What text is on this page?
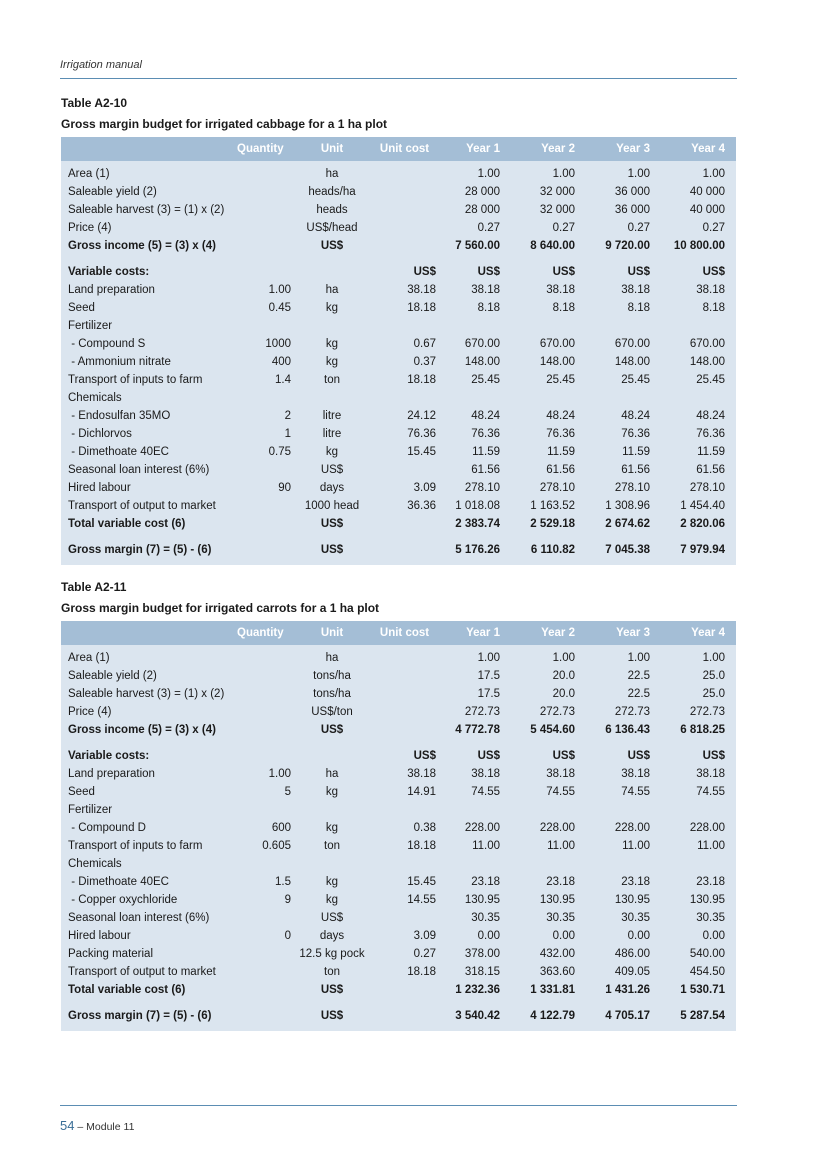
Irrigation manual
Table A2-10
Gross margin budget for irrigated cabbage for a 1 ha plot
	Quantity	Unit	Unit cost	Year 1	Year 2	Year 3	Year 4
Area (1)		ha		1.00	1.00	1.00	1.00
Saleable yield (2)		heads/ha		28 000	32 000	36 000	40 000
Saleable harvest (3) = (1) x (2)		heads		28 000	32 000	36 000	40 000
Price (4)		US$/head		0.27	0.27	0.27	0.27
Gross income (5) = (3) x (4)		US$		7 560.00	8 640.00	9 720.00	10 800.00

Variable costs:			US$	US$	US$	US$	US$
Land preparation	1.00	ha	38.18	38.18	38.18	38.18	38.18
Seed	0.45	kg	18.18	8.18	8.18	8.18	8.18
Fertilizer							
- Compound S	1000	kg	0.67	670.00	670.00	670.00	670.00
- Ammonium nitrate	400	kg	0.37	148.00	148.00	148.00	148.00
Transport of inputs to farm	1.4	ton	18.18	25.45	25.45	25.45	25.45
Chemicals							
- Endosulfan 35MO	2	litre	24.12	48.24	48.24	48.24	48.24
- Dichlorvos	1	litre	76.36	76.36	76.36	76.36	76.36
- Dimethoate 40EC	0.75	kg	15.45	11.59	11.59	11.59	11.59
Seasonal loan interest (6%)		US$		61.56	61.56	61.56	61.56
Hired labour	90	days	3.09	278.10	278.10	278.10	278.10
Transport of output to market		1000 head	36.36	1 018.08	1 163.52	1 308.96	1 454.40
Total variable cost (6)		US$		2 383.74	2 529.18	2 674.62	2 820.06

Gross margin (7) = (5) - (6)		US$		5 176.26	6 110.82	7 045.38	7 979.94
Table A2-11
Gross margin budget for irrigated carrots for a 1 ha plot
	Quantity	Unit	Unit cost	Year 1	Year 2	Year 3	Year 4
Area (1)		ha		1.00	1.00	1.00	1.00
Saleable yield (2)		tons/ha		17.5	20.0	22.5	25.0
Saleable harvest (3) = (1) x (2)		tons/ha		17.5	20.0	22.5	25.0
Price (4)		US$/ton		272.73	272.73	272.73	272.73
Gross income (5) = (3) x (4)		US$		4 772.78	5 454.60	6 136.43	6 818.25

Variable costs:			US$	US$	US$	US$	US$
Land preparation	1.00	ha	38.18	38.18	38.18	38.18	38.18
Seed	5	kg	14.91	74.55	74.55	74.55	74.55
Fertilizer							
- Compound D	600	kg	0.38	228.00	228.00	228.00	228.00
Transport of inputs to farm	0.605	ton	18.18	11.00	11.00	11.00	11.00
Chemicals							
- Dimethoate 40EC	1.5	kg	15.45	23.18	23.18	23.18	23.18
- Copper oxychloride	9	kg	14.55	130.95	130.95	130.95	130.95
Seasonal loan interest (6%)		US$		30.35	30.35	30.35	30.35
Hired labour	0	days	3.09	0.00	0.00	0.00	0.00
Packing material		12.5 kg pock	0.27	378.00	432.00	486.00	540.00
Transport of output to market		ton	18.18	318.15	363.60	409.05	454.50
Total variable cost (6)		US$		1 232.36	1 331.81	1 431.26	1 530.71

Gross margin (7) = (5) - (6)		US$		3 540.42	4 122.79	4 705.17	5 287.54
54 – Module 11
